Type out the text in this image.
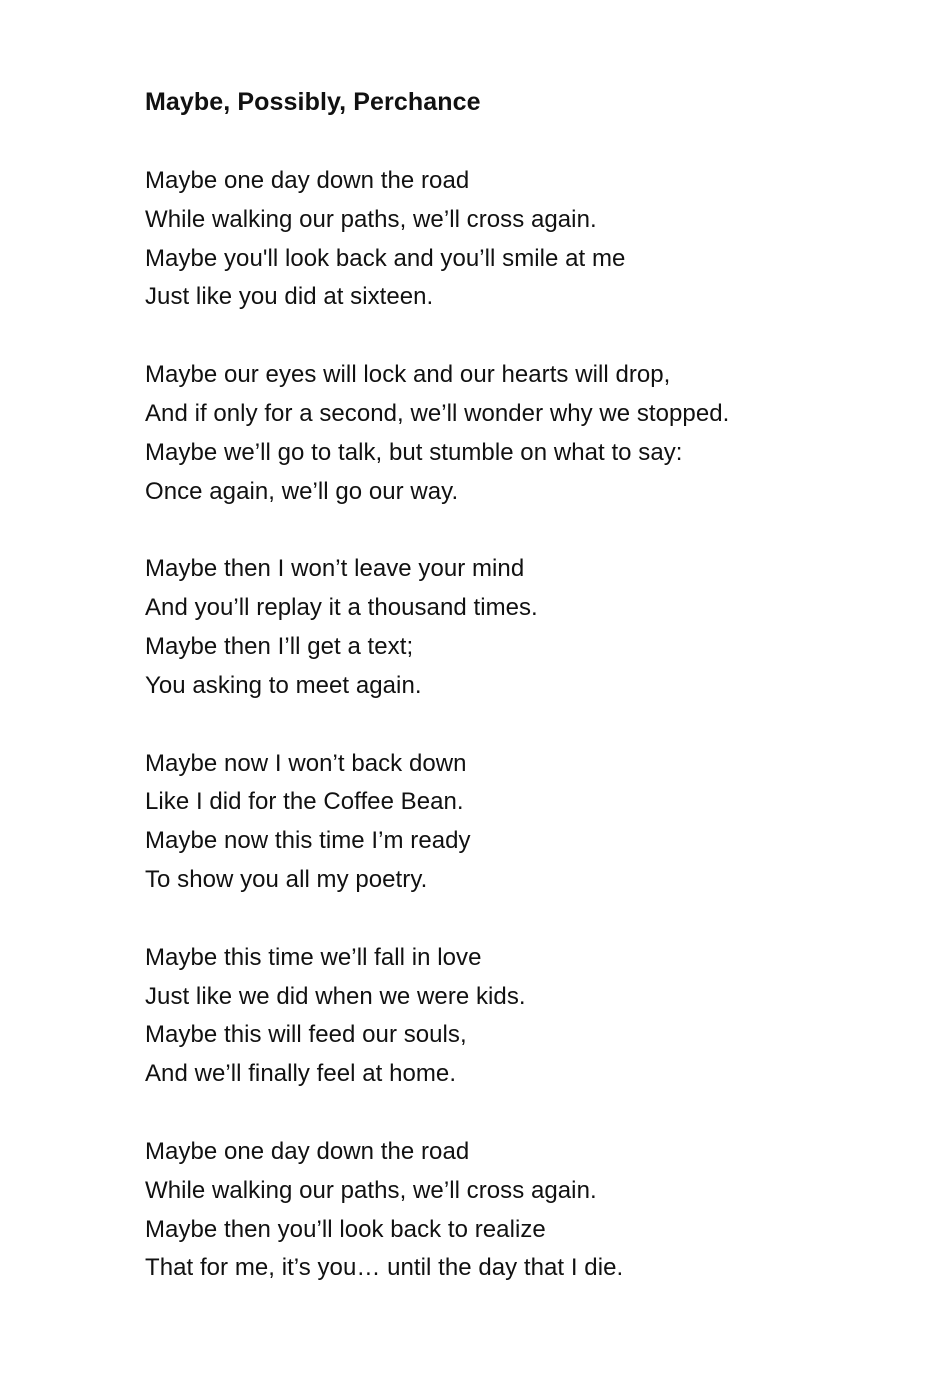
Maybe, Possibly, Perchance
Maybe one day down the road
While walking our paths, we’ll cross again.
Maybe you'll look back and you’ll smile at me
Just like you did at sixteen.
Maybe our eyes will lock and our hearts will drop,
And if only for a second, we’ll wonder why we stopped.
Maybe we’ll go to talk, but stumble on what to say:
Once again, we’ll go our way.
Maybe then I won’t leave your mind
And you’ll replay it a thousand times.
Maybe then I’ll get a text;
You asking to meet again.
Maybe now I won’t back down
Like I did for the Coffee Bean.
Maybe now this time I’m ready
To show you all my poetry.
Maybe this time we’ll fall in love
Just like we did when we were kids.
Maybe this will feed our souls,
And we’ll finally feel at home.
Maybe one day down the road
While walking our paths, we’ll cross again.
Maybe then you’ll look back to realize
That for me, it’s you… until the day that I die.
